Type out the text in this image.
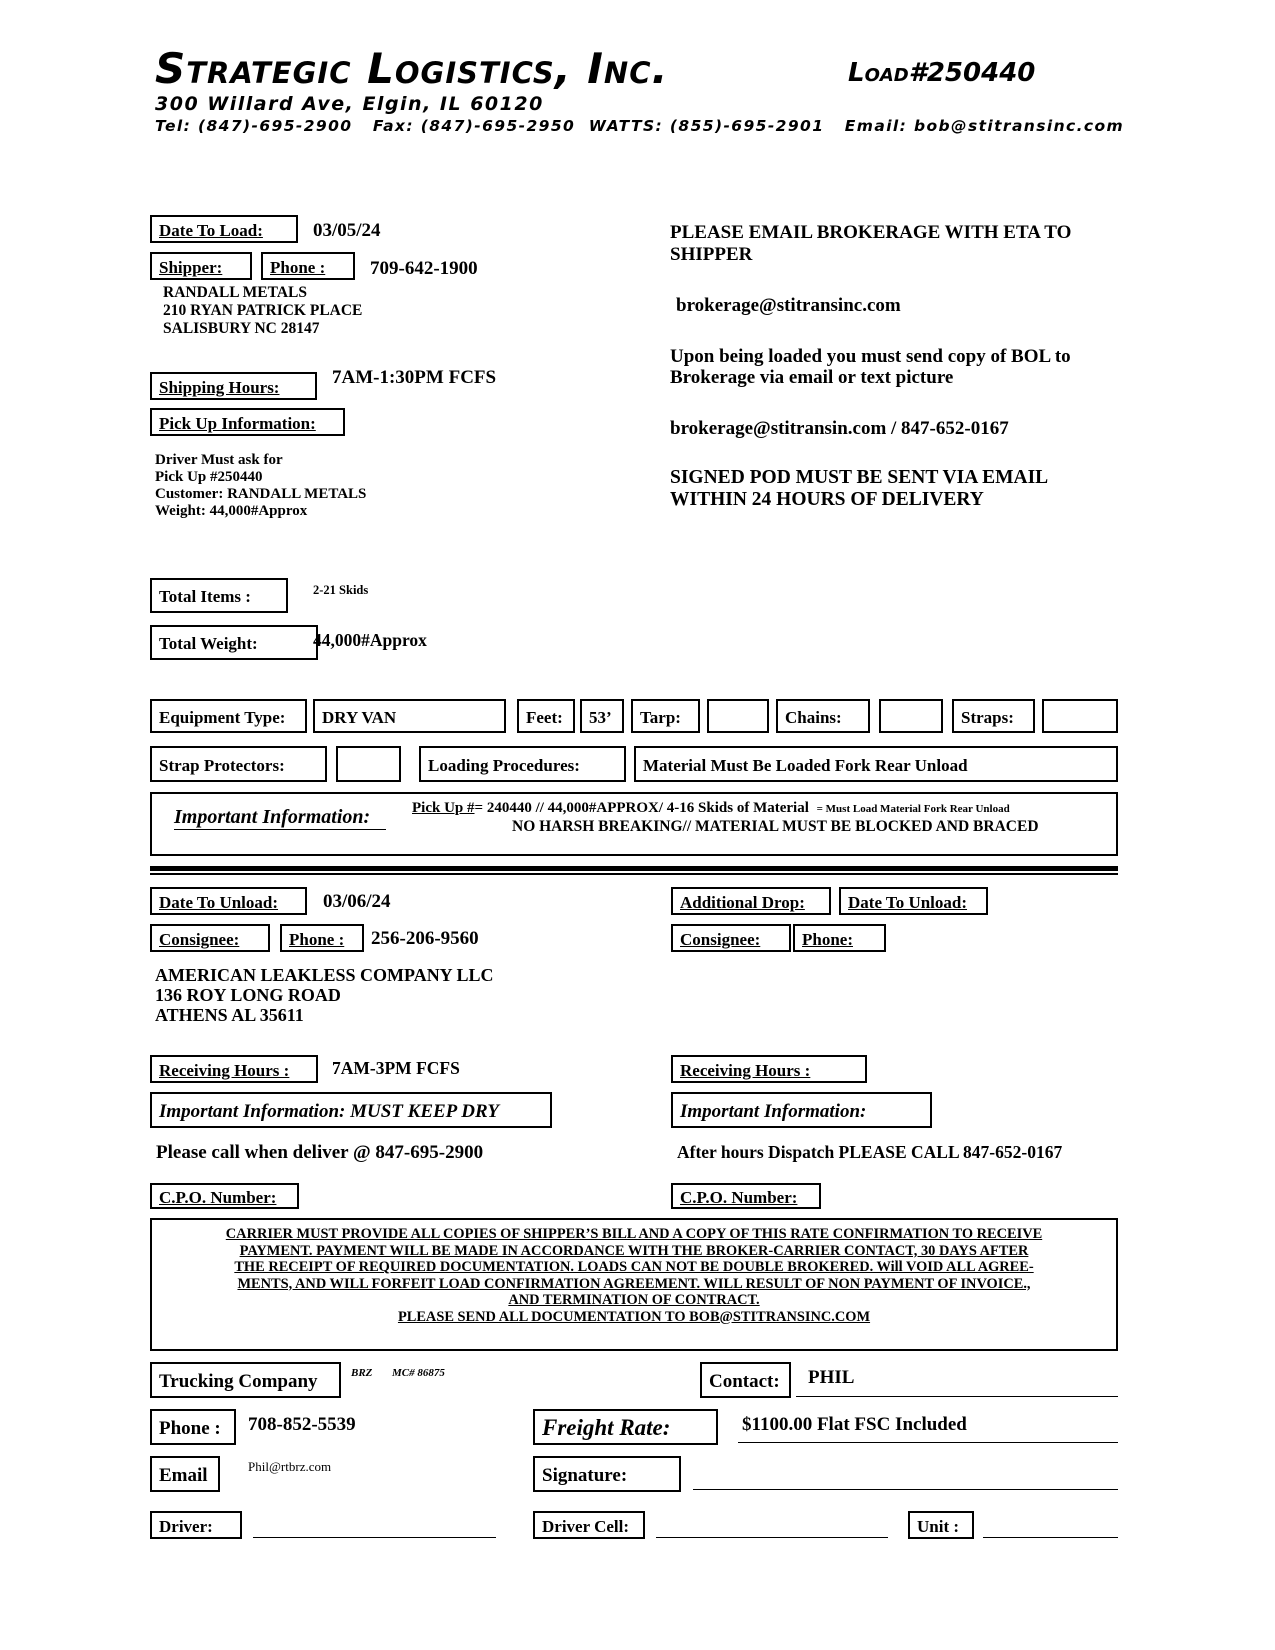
Strategic Logistics, Inc.	Load#250440
300 Willard Ave, Elgin, IL 60120
Tel: (847)-695-2900   Fax: (847)-695-2950  WATTS: (855)-695-2901   Email: bob@stitransinc.com
Date To Load:	03/05/24
Shipper:	Phone :	709-642-1900
RANDALL METALS
210 RYAN PATRICK PLACE
SALISBURY NC 28147
Shipping Hours:	7AM-1:30PM FCFS
Pick Up Information:
Driver Must ask for
Pick Up #250440
Customer: RANDALL METALS
Weight: 44,000#Approx
PLEASE EMAIL BROKERAGE WITH ETA TO SHIPPER
brokerage@stitransinc.com
Upon being loaded you must send copy of BOL to Brokerage via email or text picture
brokerage@stitransin.com / 847-652-0167
SIGNED POD MUST BE SENT VIA EMAIL WITHIN 24 HOURS OF DELIVERY
Total Items :	2-21 Skids
Total Weight:	44,000#Approx
Equipment Type:	DRY VAN	Feet:	53’	Tarp:	Chains:	Straps:
Strap Protectors:	Loading Procedures:	Material Must Be Loaded Fork Rear Unload
Important Information:	Pick Up #= 240440 // 44,000#APPROX/ 4-16 Skids of Material = Must Load Material Fork Rear Unload
NO HARSH BREAKING// MATERIAL MUST BE BLOCKED AND BRACED
Date To Unload:	03/06/24
Consignee:	Phone :	256-206-9560
AMERICAN LEAKLESS COMPANY LLC
136 ROY LONG ROAD
ATHENS AL 35611
Receiving Hours :	7AM-3PM FCFS
Important Information: MUST KEEP DRY
Please call when deliver @ 847-695-2900
C.P.O. Number:
Additional Drop:	Date To Unload:
Consignee:	Phone:
Receiving Hours :
Important Information:
After hours Dispatch PLEASE CALL 847-652-0167
C.P.O. Number:
CARRIER MUST PROVIDE ALL COPIES OF SHIPPER’S BILL AND A COPY OF THIS RATE CONFIRMATION TO RECEIVE
PAYMENT. PAYMENT WILL BE MADE IN ACCORDANCE WITH THE BROKER-CARRIER CONTACT, 30 DAYS AFTER
THE RECEIPT OF REQUIRED DOCUMENTATION. LOADS CAN NOT BE DOUBLE BROKERED. Will VOID ALL AGREE-
MENTS, AND WILL FORFEIT LOAD CONFIRMATION AGREEMENT. WILL RESULT OF NON PAYMENT OF INVOICE.,
AND TERMINATION OF CONTRACT.
PLEASE SEND ALL DOCUMENTATION TO BOB@STITRANSINC.COM
Trucking Company	BRZ MC# 86875	Contact:	PHIL
Phone :	708-852-5539	Freight Rate:	$1100.00 Flat FSC Included
Email	Phil@rtbrz.com	Signature:
Driver:	Driver Cell:	Unit :
